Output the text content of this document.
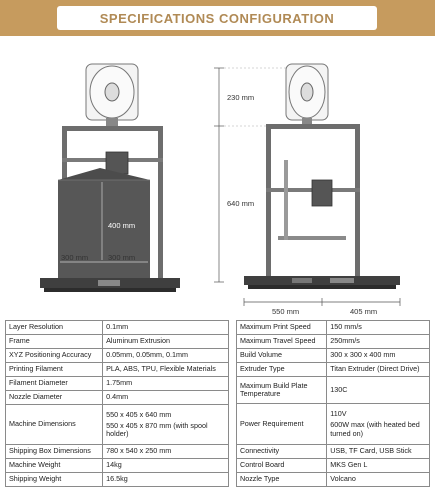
SPECIFICATIONS CONFIGURATION
400 mm
300 mm	300 mm
230 mm
640 mm
550 mm	405 mm
Layer Resolution	0.1mm
Frame	Aluminum Extrusion
XYZ Positioning Accuracy	0.05mm, 0.05mm, 0.1mm
Printing Filament	PLA, ABS, TPU, Flexible Materials
Filament Diameter	1.75mm
Nozzle Diameter	0.4mm
Machine Dimensions	550 x 405 x 640 mm
550 x 405 x 870 mm (with spool holder)

Shipping Box Dimensions	780 x 540 x 250 mm
Machine Weight	14kg
Shipping Weight	16.5kg
Maximum Print Speed	150 mm/s
Maximum Travel Speed	250mm/s
Build Volume	300 x 300 x 400 mm
Extruder Type	Titan Extruder (Direct Drive)
Maximum Build Plate Temperature	130C
Power Requirement	110V
600W max (with heated bed turned on)

Connectivity	USB, TF Card, USB Stick
Control Board	MKS Gen L
Nozzle Type	Volcano
